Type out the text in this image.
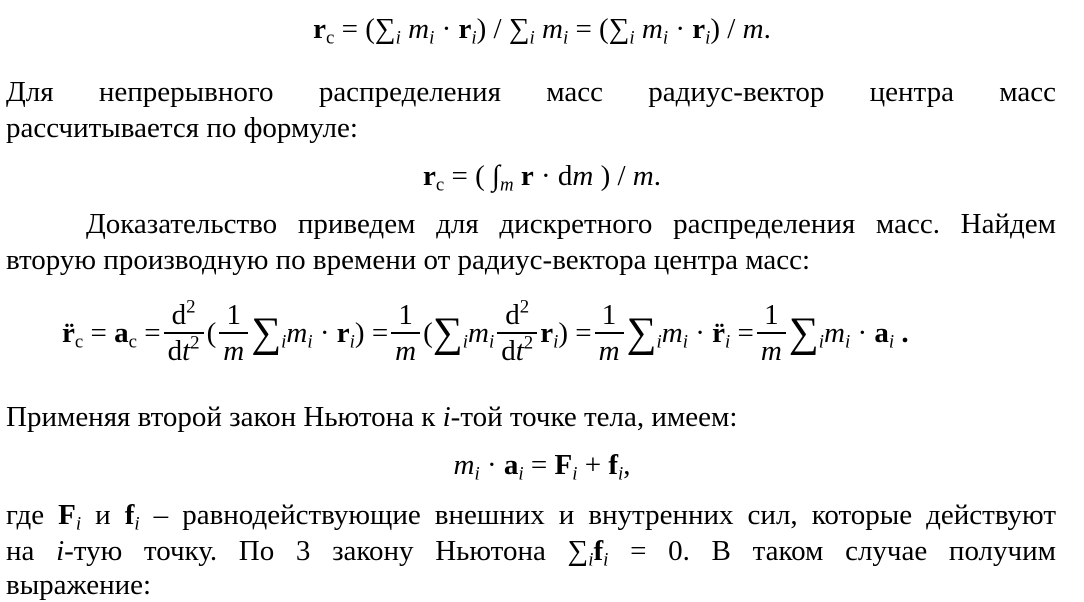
$r_c = (\sum_i$ $m_i \cdot r_i) / \sum_i$ $m_i = (\sum_i$ $m_i \cdot r_i) / m$.
Для непрерывного распределения масс радиус-вектор центра масс
рассчитывается по формуле:
$r_c$ = ( $\int_m$ r · dm ) / m.
Доказательство приведем для дискретного распределения масс. Найдем
вторую производную по времени от радиус-вектора центра масс:
$r̈_c = a_c = \frac{d^2}{dt^2}$ ( $\frac{1}{m} \sum_im_i \cdot r_i) = \frac{1}{m} (\sum_im_i \frac{d^2}{dt^2} r_i) = \frac{1}{m} \sum_im_i$ · $r̈_i = \frac{1}{m} \sum_im_i \cdot a_i$ .
Применяя второй закон Ньютона к i-той точке тела, имеем:
$m_i \cdot a_i = F_i + f_i$,
где $F_i$ и $f_i$ – равнодействующие внешних и внутренних сил, которые действуют
на i-тую точку. По 3 закону Ньютона $\sum_if_i = 0$. В таком случае получим
выражение:
